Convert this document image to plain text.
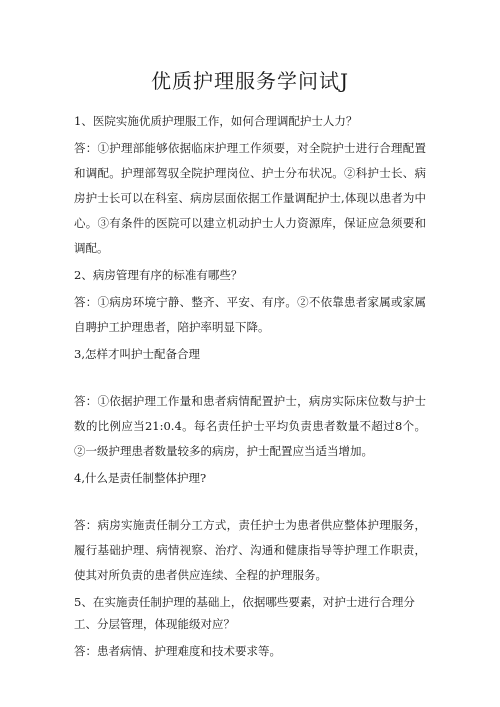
优质护理服务学问试J

1、医院实施优质护理服工作，如何合理调配护士人力？

答：①护理部能够依据临床护理工作须要，对全院护士进行合理配置和调配。护理部驾驭全院护理岗位、护士分布状况。②科护士长、病房护士长可以在科室、病房层面依据工作量调配护士,体现以患者为中心。③有条件的医院可以建立机动护士人力资源库，保证应急须要和调配。

2、病房管理有序的标准有哪些？

答：①病房环境宁静、整齐、平安、有序。②不依靠患者家属或家属自聘护工护理患者，陪护率明显下降。

3,怎样才叫护士配备合理

答：①依据护理工作量和患者病情配置护士，病房实际床位数与护士数的比例应当21:0.4。每名责任护士平均负责患者数量不超过8个。②一级护理患者数量较多的病房，护士配置应当适当增加。

4,什么是责任制整体护理?

答：病房实施责任制分工方式，责任护士为患者供应整体护理服务，履行基础护理、病情视察、治疗、沟通和健康指导等护理工作职责，使其对所负责的患者供应连续、全程的护理服务。

5、在实施责任制护理的基础上，依据哪些要素，对护士进行合理分工、分层管理，体现能级对应？

答：患者病情、护理难度和技术要求等。
